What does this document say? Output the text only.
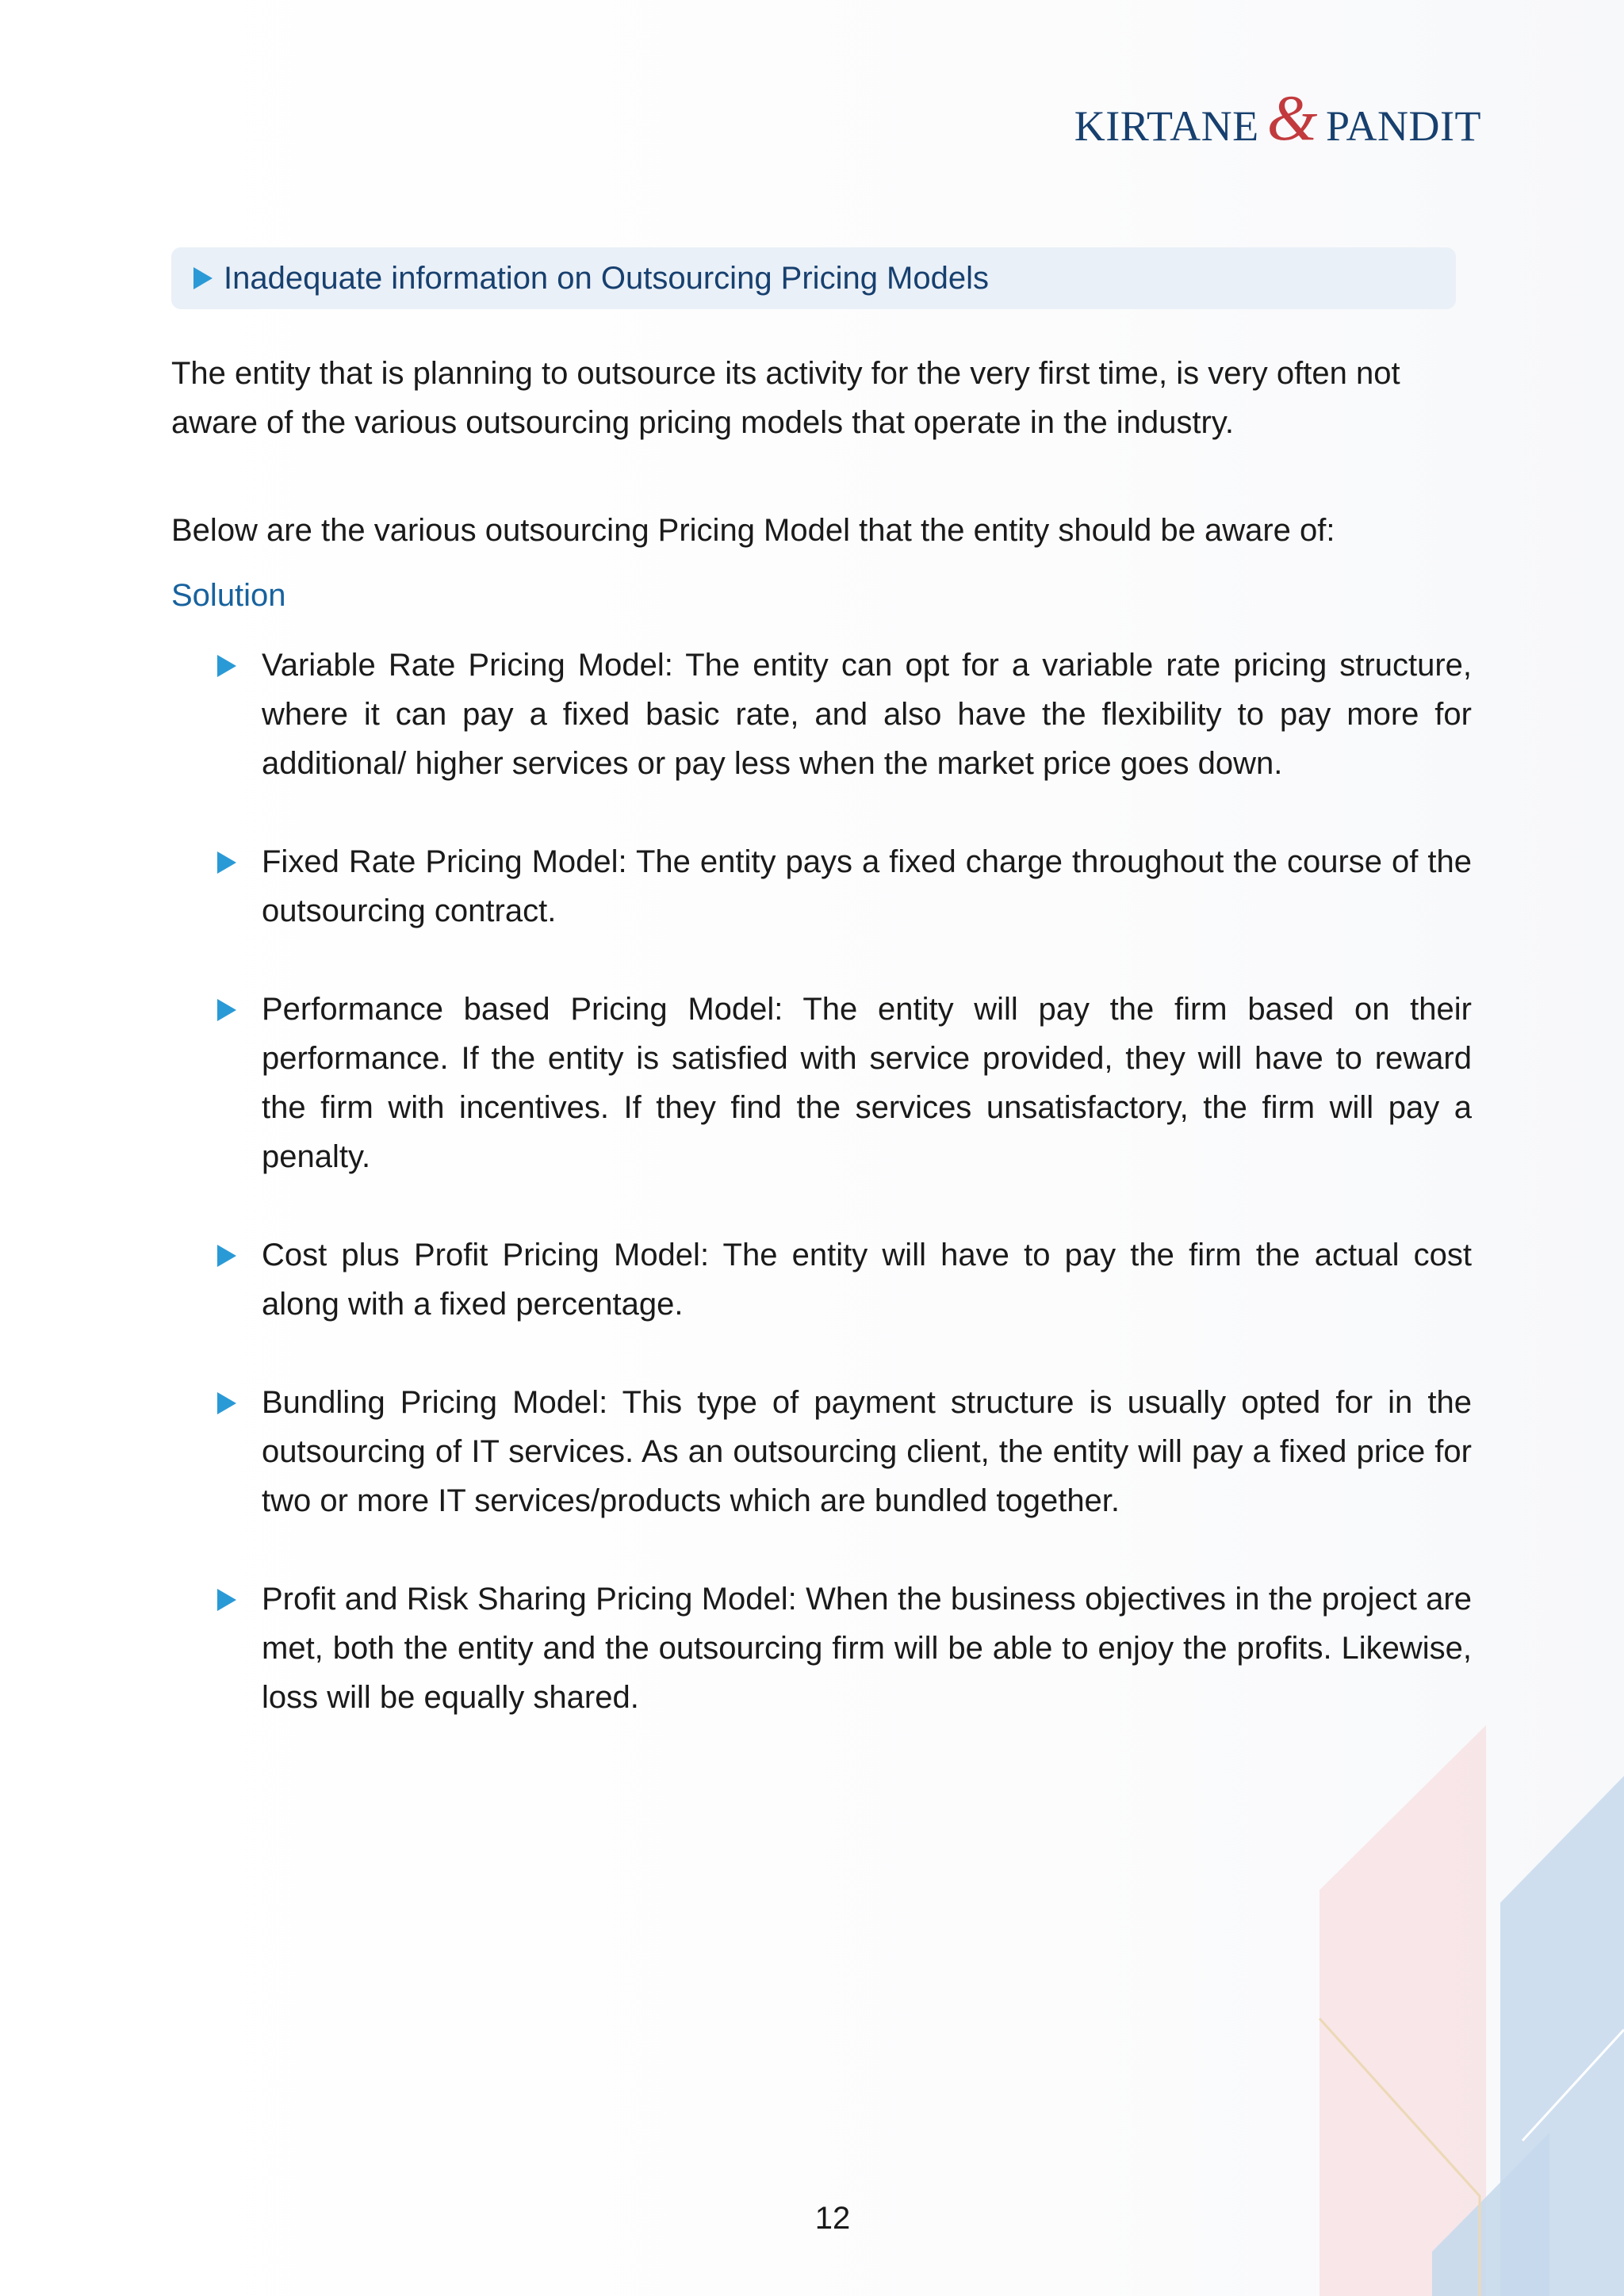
KIRTANE & PANDIT
Inadequate information on Outsourcing Pricing Models

The entity that is planning to outsource its activity for the very first time, is very often not aware of the various outsourcing pricing models that operate in the industry.

Below are the various outsourcing Pricing Model that the entity should be aware of:

Solution

Variable Rate Pricing Model: The entity can opt for a variable rate pricing structure, where it can pay a fixed basic rate, and also have the flexibility to pay more for additional/ higher services or pay less when the market price goes down.
Fixed Rate Pricing Model: The entity pays a fixed charge throughout the course of the outsourcing contract.
Performance based Pricing Model: The entity will pay the firm based on their performance. If the entity is satisfied with service provided, they will have to reward the firm with incentives. If they find the services unsatisfactory, the firm will pay a penalty.
Cost plus Profit Pricing Model: The entity will have to pay the firm the actual cost along with a fixed percentage.
Bundling Pricing Model: This type of payment structure is usually opted for in the outsourcing of IT services. As an outsourcing client, the entity will pay a fixed price for two or more IT services/products which are bundled together.
Profit and Risk Sharing Pricing Model: When the business objectives in the project are met, both the entity and the outsourcing firm will be able to enjoy the profits. Likewise, loss will be equally shared.
12
